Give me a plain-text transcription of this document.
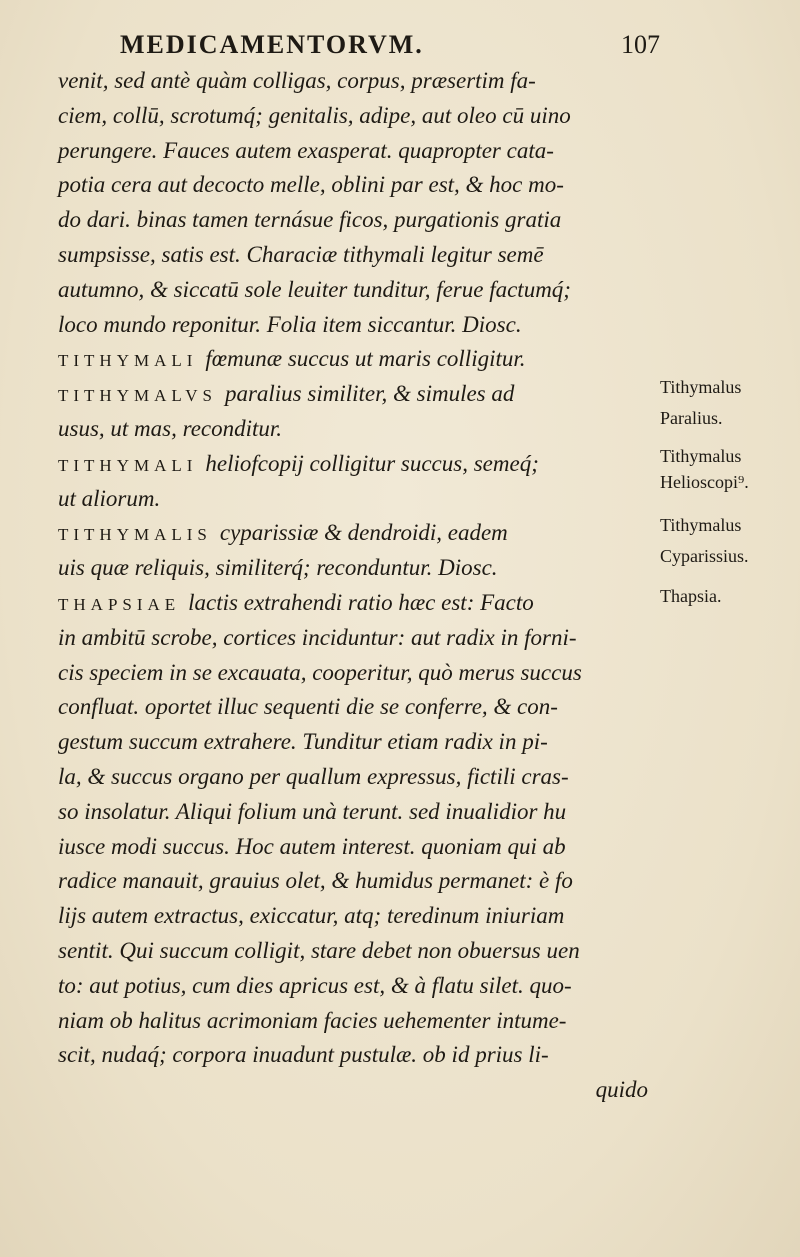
MEDICAMENTORVM.	107
venit, sed antè quàm colligas, corpus, præsertim fa-
ciem, collū, scrotumq́; genitalis, adipe, aut oleo cū uino
perungere. Fauces autem exasperat. quapropter cata-
potia cera aut decocto melle, oblini par est, & hoc mo-
do dari. binas tamen ternásue ficos, purgationis gratia
sumpsisse, satis est. Characiæ tithymali legitur semē
autumno, & siccatū sole leuiter tunditur, ferue factumq́;
loco mundo reponitur. Folia item siccantur. Diosc.
TITHYMALI fœmunæ succus ut maris colligitur.
TITHYMALVS paralius similiter, & simules ad
usus, ut mas, reconditur.
TITHYMALI heliofcopij colligitur succus, semeq́;
ut aliorum.
TITHYMALIS cyparissiæ & dendroidi, eadem
uis quæ reliquis, similiterq́; reconduntur. Diosc.
THAPSIAE lactis extrahendi ratio hæc est: Facto
in ambitū scrobe, cortices inciduntur: aut radix in forni-
cis speciem in se excauata, cooperitur, quò merus succus
confluat. oportet illuc sequenti die se conferre, & con-
gestum succum extrahere. Tunditur etiam radix in pi-
la, & succus organo per quallum expressus, fictili cras-
so insolatur. Aliqui folium unà terunt. sed inualidior hu
iusce modi succus. Hoc autem interest. quoniam qui ab
radice manauit, grauius olet, & humidus permanet: è fo
lijs autem extractus, exiccatur, atq; teredinum iniuriam
sentit. Qui succum colligit, stare debet non obuersus uen
to: aut potius, cum dies apricus est, & à flatu silet. quo-
niam ob halitus acrimoniam facies uehementer intume-
scit, nudaq́; corpora inuadunt pustulæ. ob id prius li-
quido
Tithymalus
Paralius.
Tithymalus
Helioscopi⁹.
Tithymalus
Cyparissius.
Thapsia.
